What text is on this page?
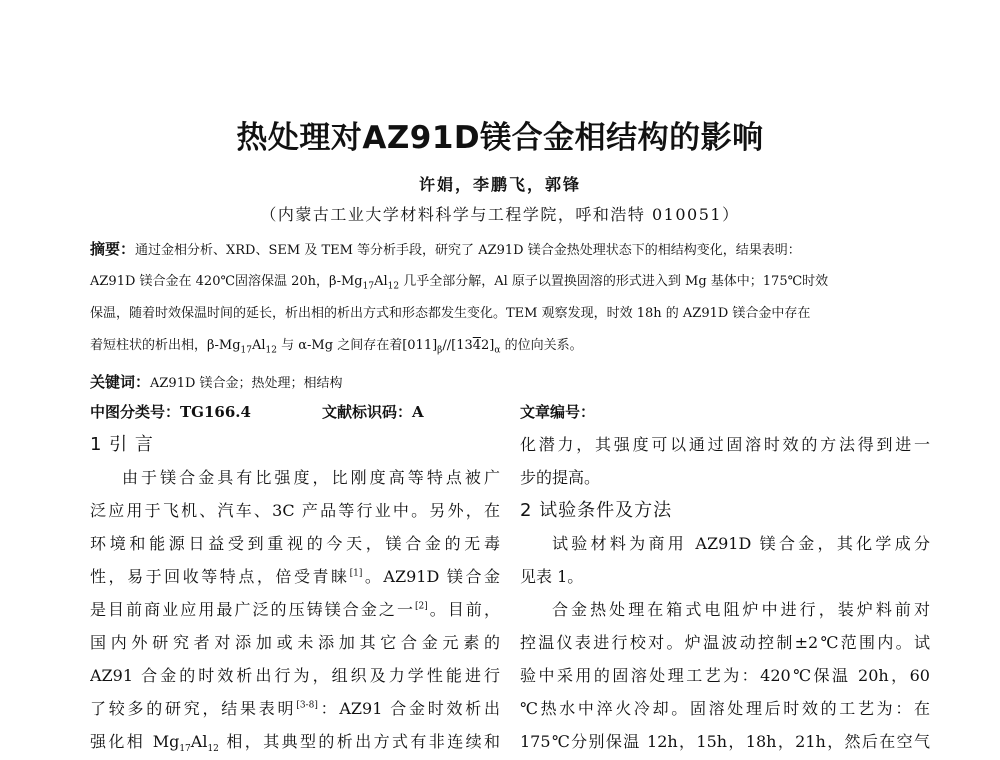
热处理对AZ91D镁合金相结构的影响
许娟，李鹏飞，郭锋
（内蒙古工业大学材料科学与工程学院，呼和浩特 010051）
摘要：通过金相分析、XRD、SEM 及 TEM 等分析手段，研究了 AZ91D 镁合金热处理状态下的相结构变化，结果表明：
AZ91D 镁合金在 420℃固溶保温 20h，$\beta-Mg_{17}Al_{12}$ 几乎全部分解，Al 原子以置换固溶的形式进入到 Mg 基体中；175℃时效
保温，随着时效保温时间的延长，析出相的析出方式和形态都发生变化。TEM 观察发现，时效 18h 的 AZ91D 镁合金中存在
着短柱状的析出相，$\beta-Mg_{17}Al_{12}$ 与 α-Mg 之间存在着$[011]_\beta//[1342]_\alpha$ 的位向关系。
关键词：AZ91D 镁合金；热处理；相结构
中图分类号：TG166.4	文献标识码：A	文章编号：
1 引 言
由于镁合金具有比强度，比刚度高等特点被广
泛应用于飞机、汽车、3C 产品等行业中。另外，在
环境和能源日益受到重视的今天，镁合金的无毒
性，易于回收等特点，倍受青睐[1]。AZ91D 镁合金
是目前商业应用最广泛的压铸镁合金之一[2]。目前，
国内外研究者对添加或未添加其它合金元素的
AZ91 合金的时效析出行为，组织及力学性能进行
了较多的研究，结果表明[3-8]：AZ91 合金时效析出
强化相 $Mg_{17}Al_{12}$ 相，其典型的析出方式有非连续和
化潜力，其强度可以通过固溶时效的方法得到进一
步的提高。
2 试验条件及方法
试验材料为商用 AZ91D 镁合金，其化学成分
见表 1。
合金热处理在箱式电阻炉中进行，装炉料前对
控温仪表进行校对。炉温波动控制±2℃范围内。试
验中采用的固溶处理工艺为：420℃保温 20h，60
℃热水中淬火冷却。固溶处理后时效的工艺为：在
175℃分别保温 12h，15h，18h，21h，然后在空气
